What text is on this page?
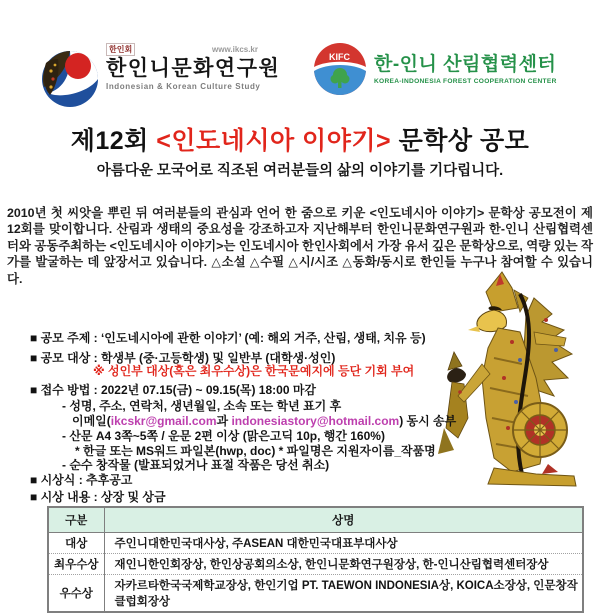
한인회	www.ikcs.kr
한인니문화연구원
Indonesian & Korean Culture Study
KIFC 한-인니 산림협력센터
KOREA-INDONESIA FOREST COOPERATION CENTER
제12회 <인도네시아 이야기> 문학상 공모
아름다운 모국어로 직조된 여러분들의 삶의 이야기를 기다립니다.
2010년 첫 씨앗을 뿌린 뒤 여러분들의 관심과 언어 한 줌으로 키운 <인도네시아 이야기> 문학상 공모전이 제12회를 맞이합니다. 산림과 생태의 중요성을 강조하고자 지난해부터 한인니문화연구원과 한-인니 산림협력센터와 공동주최하는 <인도네시아 이야기>는 인도네시아 한인사회에서 가장 유서 깊은 문학상으로, 역량 있는 작가를 발굴하는 데 앞장서고 있습니다. △소설 △수필 △시/시조 △동화/동시로 한인들 누구나 참여할 수 있습니다.
■ 공모 주제 : ‘인도네시아에 관한 이야기’ (예: 해외 거주, 산림, 생태, 치유 등)
■ 공모 대상 : 학생부 (중·고등학생) 및 일반부 (대학생·성인)
※ 성인부 대상(혹은 최우수상)은 한국문예지에 등단 기회 부여
■ 접수 방법 : 2022년 07.15(금) ~ 09.15(목) 18:00 마감
- 성명, 주소, 연락처, 생년월일, 소속 또는 학년 표기 후
이메일(ikcskr@gmail.com과 indonesiastory@hotmail.com) 동시 송부
- 산문 A4 3쪽~5쪽 / 운문 2편 이상 (맑은고딕 10p, 행간 160%)
* 한글 또는 MS워드 파일본(hwp, doc) * 파일명은 지원자이름_작품명
- 순수 창작물 (발표되었거나 표절 작품은 당선 취소)
■ 시상식 : 추후공고
■ 시상 내용 : 상장 및 상금
구분	상명
대상	주인니대한민국대사상, 주ASEAN 대한민국대표부대사상
최우수상	재인니한인회장상, 한인상공회의소상, 한인니문화연구원장상, 한-인니산림협력센터장상
우수상	자카르타한국국제학교장상, 한인기업 PT. TAEWON INDONESIA상, KOICA소장상, 인문창작클럽회장상
